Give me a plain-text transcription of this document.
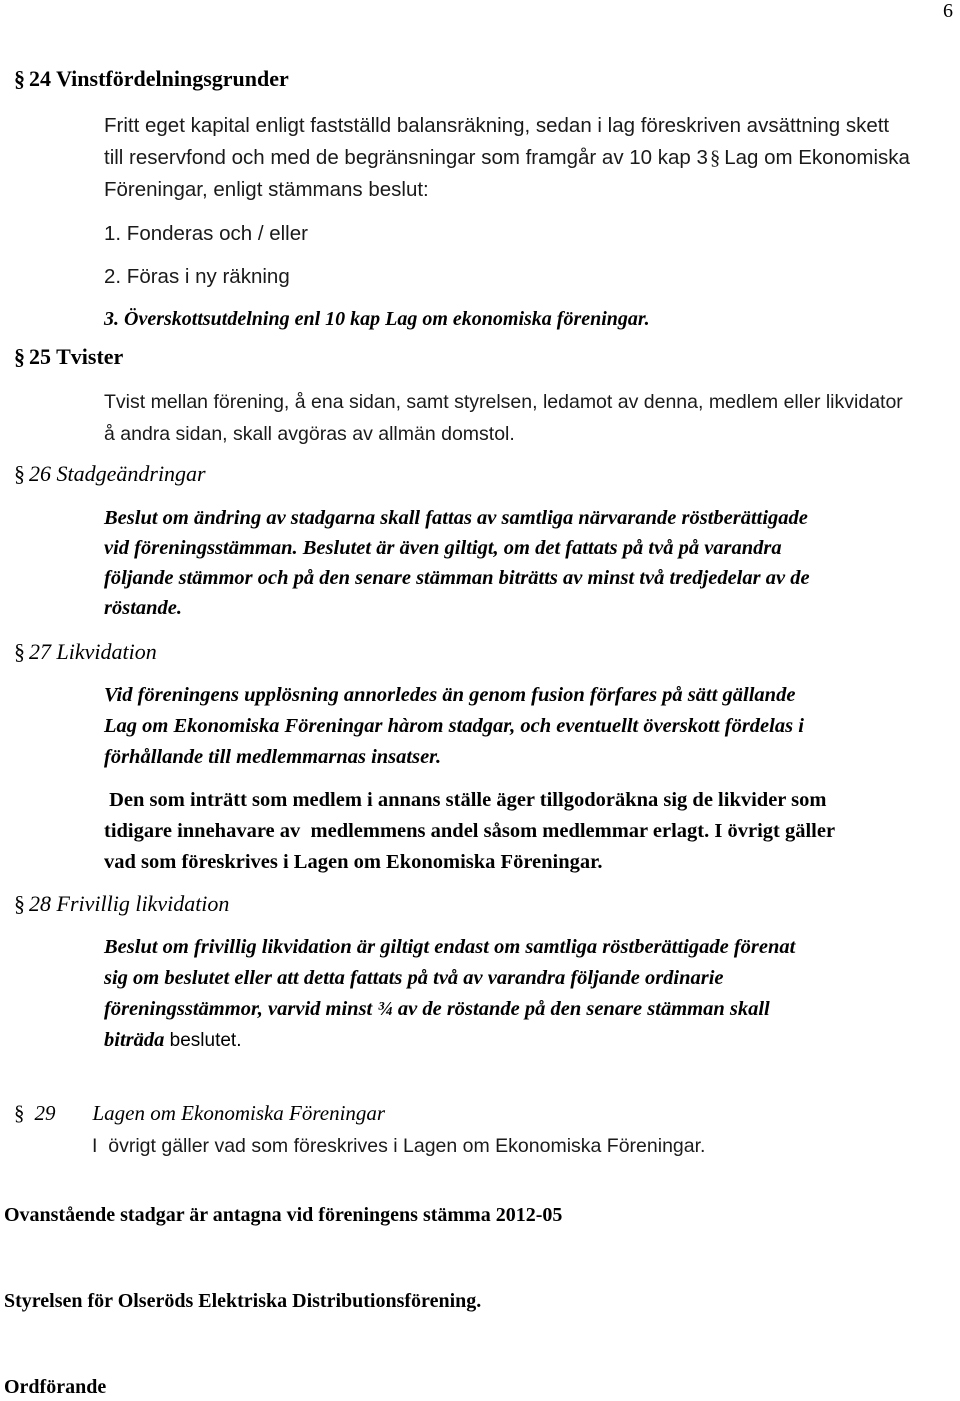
6
§ 24 Vinstfördelningsgrunder
Fritt eget kapital enligt fastställd balansräkning, sedan i lag föreskriven avsättning skett
till reservfond och med de begränsningar som framgår av 10 kap 3§ Lag om Ekonomiska
Föreningar, enligt stämmans beslut:
1. Fonderas och / eller
2. Föras i ny räkning
3. Överskottsutdelning enl 10 kap Lag om ekonomiska föreningar.
§ 25 Tvister
Tvist mellan förening, å ena sidan, samt styrelsen, ledamot av denna, medlem eller likvidator
å andra sidan, skall avgöras av allmän domstol.
§ 26 Stadgeändringar
Beslut om ändring av stadgarna skall fattas av samtliga närvarande röstberättigade
vid föreningsstämman. Beslutet är även giltigt, om det fattats på två på varandra
följande stämmor och på den senare stämman biträtts av minst två tredjedelar av de
röstande.
§ 27 Likvidation
Vid föreningens upplösning annorledes än genom fusion förfares på sätt gällande
Lag om Ekonomiska Föreningar hàrom stadgar, och eventuellt överskott fördelas i
förhållande till medlemmarnas insatser.
Den som inträtt som medlem i annans ställe äger tillgodoräkna sig de likvider som
tidigare innehavare av  medlemmens andel såsom medlemmar erlagt. I övrigt gäller
vad som föreskrives i Lagen om Ekonomiska Föreningar.
§ 28 Frivillig likvidation
Beslut om frivillig likvidation är giltigt endast om samtliga röstberättigade förenat
sig om beslutet eller att detta fattats på två av varandra följande ordinarie
föreningsstämmor, varvid minst ¾ av de röstande på den senare stämman skall
biträda beslutet.
§ 29 Lagen om Ekonomiska Föreningar
I  övrigt gäller vad som föreskrives i Lagen om Ekonomiska Föreningar.
Ovanstående stadgar är antagna vid föreningens stämma 2012-05
Styrelsen för Olseröds Elektriska Distributionsförening.
Ordförande
